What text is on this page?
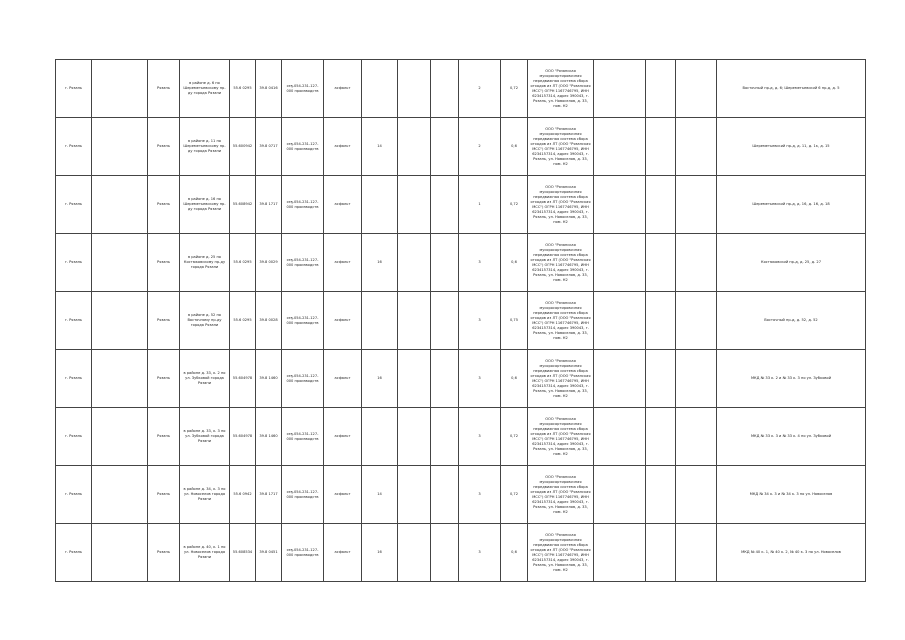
г. Рязань		Рязань	в районе д. 6 по Шереметьевскому пр-ду города Рязани	55.6 0295	39.8 0416	сеҕ-054-231-127-000 производств	асфальт				2	0,72	ООО "Рязанская мусоросортировочная передвижная система сбора отходов из ЛТ (ООО "Рязанская МСС") ОГРН 1167746795, ИНН 6234157314, адрес 390043, г. Рязань, ул. Новоселов, д. 33, пом. Н2				Восточный пр-д, д. 6; Шереметьевский 6 пр-д, д. 5
г. Рязань		Рязань	в районе д. 11 по Шереметьевскому пр-ду города Рязани	55.600942	39.8 0717	сеҕ-054-231-127-000 производств	асфальт	14			2	0,6	ООО "Рязанская мусоросортировочная передвижная система сбора отходов из ЛТ (ООО "Рязанская МСС") ОГРН 1167746795, ИНН 6234157314, адрес 390043, г. Рязань, ул. Новоселов, д. 33, пом. Н2				Шереметьевский пр-д, д. 11, д. 1к, д. 15
г. Рязань		Рязань	в районе д. 16 по Шереметьевскому пр-ду города Рязани	55.608942	39.8 1717	сеҕ-054-231-127-000 производств	асфальт				1	0,72	ООО "Рязанская мусоросортировочная передвижная система сбора отходов из ЛТ (ООО "Рязанская МСС") ОГРН 1167746795, ИНН 6234157314, адрес 390043, г. Рязань, ул. Новоселов, д. 33, пом. Н2				Шереметьевский пр-д, д. 16, д. 16, д. 18
г. Рязань		Рязань	в районе д. 25 по Костюковскому пр-ду города Рязани	55.6 0295	39.8 0029	сеҕ-054-231-127-000 производств	асфальт	16			3	0,6	ООО "Рязанская мусоросортировочная передвижная система сбора отходов из ЛТ (ООО "Рязанская МСС") ОГРН 1167746795, ИНН 6234157314, адрес 390043, г. Рязань, ул. Новоселов, д. 33, пом. Н2				Костюковский пр-д, д. 25, д. 27
г. Рязань		Рязань	в районе д. 52 по Восточному пр-ду города Рязани	55.6 0295	39.8 0028	сеҕ-054-231-127-000 производств	асфальт				3	0,75	ООО "Рязанская мусоросортировочная передвижная система сбора отходов из ЛТ (ООО "Рязанская МСС") ОГРН 1167746795, ИНН 6234157314, адрес 390043, г. Рязань, ул. Новоселов, д. 33, пом. Н2				Восточный пр-д, д. 52, д. 52
г. Рязань		Рязань	в районе д. 33, к. 2 по ул. Зубковой города Рязани	55.604978	39.8 1460	сеҕ-054-231-127-000 производств	асфальт	16			3	0,6	ООО "Рязанская мусоросортировочная передвижная система сбора отходов из ЛТ (ООО "Рязанская МСС") ОГРН 1167746795, ИНН 6234157314, адрес 390043, г. Рязань, ул. Новоселов, д. 33, пом. Н2				МКД № 33 к. 2 и № 33 к. 3 по ул. Зубковой
г. Рязань		Рязань	в районе д. 33, к. 3 по ул. Зубковой города Рязани	55.604978	39.8 1460	сеҕ-054-231-127-000 производств	асфальт				3	0,72	ООО "Рязанская мусоросортировочная передвижная система сбора отходов из ЛТ (ООО "Рязанская МСС") ОГРН 1167746795, ИНН 6234157314, адрес 390043, г. Рязань, ул. Новоселов, д. 33, пом. Н2				МКД № 33 к. 3 и № 33 к. 4 по ул. Зубковой
г. Рязань		Рязань	в районе д. 34, к. 3 по ул. Новоселов города Рязани	55.6 0942	39.8 1717	сеҕ-054-231-127-000 производств	асфальт	14			3	0,72	ООО "Рязанская мусоросортировочная передвижная система сбора отходов из ЛТ (ООО "Рязанская МСС") ОГРН 1167746795, ИНН 6234157314, адрес 390043, г. Рязань, ул. Новоселов, д. 33, пом. Н2				МКД № 34 к. 3 и № 34 к. 3 по ул. Новоселов
г. Рязань		Рязань	в районе д. 40, к. 1 по ул. Новоселов города Рязани	55.608534	39.8 0451	сеҕ-054-231-127-000 производств	асфальт	16			3	0,6	ООО "Рязанская мусоросортировочная передвижная система сбора отходов из ЛТ (ООО "Рязанская МСС") ОГРН 1167746795, ИНН 6234157314, адрес 390043, г. Рязань, ул. Новоселов, д. 33, пом. Н2				МКД № 40 к. 1, № 40 к. 2, № 40 к. 3 по ул. Новоселов
